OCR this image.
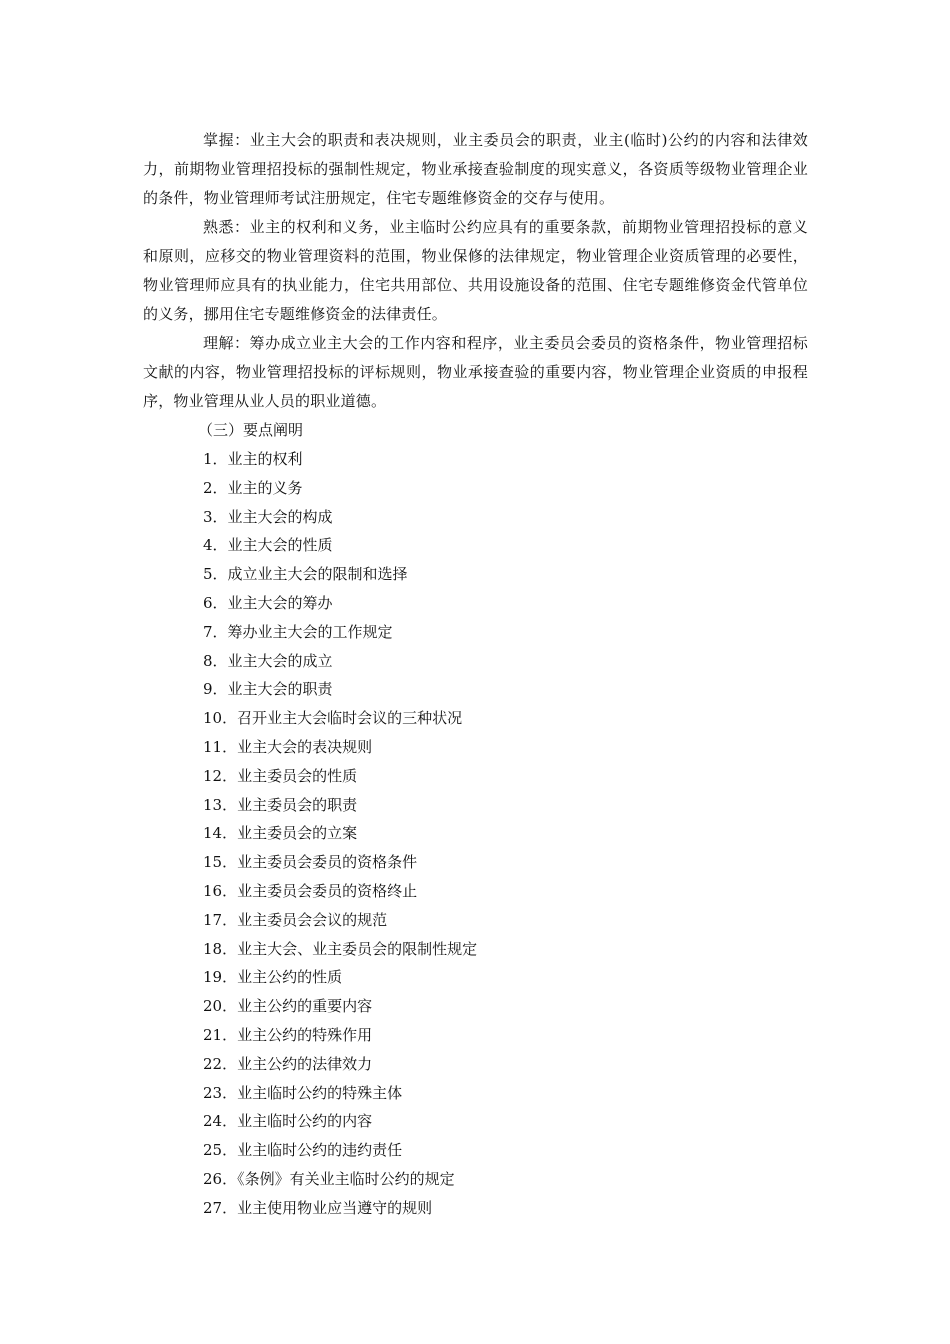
掌握：业主大会的职责和表决规则，业主委员会的职责，业主(临时)公约的内容和法律效力，前期物业管理招投标的强制性规定，物业承接查验制度的现实意义，各资质等级物业管理企业的条件，物业管理师考试注册规定，住宅专题维修资金的交存与使用。

熟悉：业主的权利和义务，业主临时公约应具有的重要条款，前期物业管理招投标的意义和原则，应移交的物业管理资料的范围，物业保修的法律规定，物业管理企业资质管理的必要性，物业管理师应具有的执业能力，住宅共用部位、共用设施设备的范围、住宅专题维修资金代管单位的义务，挪用住宅专题维修资金的法律责任。

理解：筹办成立业主大会的工作内容和程序，业主委员会委员的资格条件，物业管理招标文献的内容，物业管理招投标的评标规则，物业承接查验的重要内容，物业管理企业资质的申报程序，物业管理从业人员的职业道德。

（三）要点阐明

1．业主的权利
2．业主的义务
3．业主大会的构成
4．业主大会的性质
5．成立业主大会的限制和选择
6．业主大会的筹办
7．筹办业主大会的工作规定
8．业主大会的成立
9．业主大会的职责
10．召开业主大会临时会议的三种状况
11．业主大会的表决规则
12．业主委员会的性质
13．业主委员会的职责
14．业主委员会的立案
15．业主委员会委员的资格条件
16．业主委员会委员的资格终止
17．业主委员会会议的规范
18．业主大会、业主委员会的限制性规定
19．业主公约的性质
20．业主公约的重要内容
21．业主公约的特殊作用
22．业主公约的法律效力
23．业主临时公约的特殊主体
24．业主临时公约的内容
25．业主临时公约的违约责任
26．《条例》有关业主临时公约的规定
27．业主使用物业应当遵守的规则
